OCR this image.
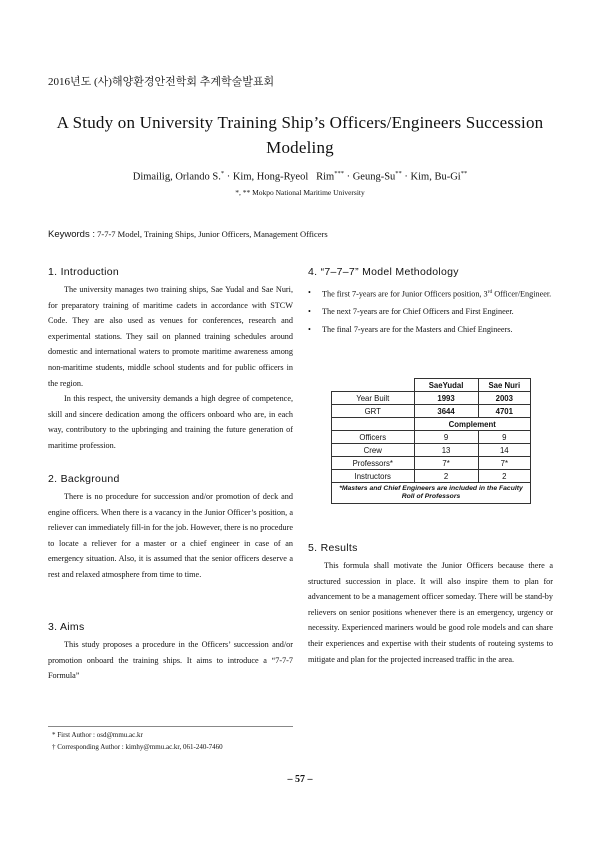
2016년도 (사)해양환경안전학회 추계학술발표회
A Study on University Training Ship’s Officers/Engineers Succession Modeling
Dimailig, Orlando S.* · Kim, Hong-Ryeol Rim*** · Geung-Su** · Kim, Bu-Gi**
*, ** Mokpo National Maritime University
Keywords : 7-7-7 Model, Training Ships, Junior Officers, Management Officers
1. Introduction

The university manages two training ships, Sae Yudal and Sae Nuri, for preparatory training of maritime cadets in accordance with STCW Code. They are also used as venues for conferences, research and experimental stations. They sail on planned training schedules around domestic and international waters to promote maritime awareness among non-maritime students, middle school students and for public officers in the region.

In this respect, the university demands a high degree of competence, skill and sincere dedication among the officers onboard who are, in each way, contributory to the upbringing and training the future generation of maritime profession.

2. Background

There is no procedure for succession and/or promotion of deck and engine officers. When there is a vacancy in the Junior Officer’s position, a reliever can immediately fill-in for the job. However, there is no procedure to locate a reliever for a master or a chief engineer in case of an emergency situation. Also, it is assumed that the senior officers deserve a rest and relaxed atmosphere from time to time.

3. Aims

This study proposes a procedure in the Officers’ succession and/or promotion onboard the training ships. It aims to introduce a “7-7-7 Formula”

4. “7–7–7” Model Methodology
• The first 7-years are for Junior Officers position, 3rd Officer/Engineer.
• The next 7-years are for Chief Officers and First Engineer.
• The final 7-years are for the Masters and Chief Engineers.
	SaeYudal	Sae Nuri
Year Built	1993	2003
GRT	3644	4701
	Complement	
Officers	9	9
Crew	13	14
Professors*	7*	7*
Instructors	2	2
*Masters and Chief Engineers are included in the Faculty Roll of Professors		
5. Results

This formula shall motivate the Junior Officers because there a structured succession in place. It will also inspire them to plan for advancement to be a management officer someday. There will be stand-by relievers on senior positions whenever there is an emergency, urgency or necessity. Experienced mariners would be good role models and can share their experiences and expertise with their students of routeing systems to mitigate and plan for the projected increased traffic in the area.

* First Author : osd@mmu.ac.kr
† Corresponding Author : kimhy@mmu.ac.kr, 061-240-7460
– 57 –
